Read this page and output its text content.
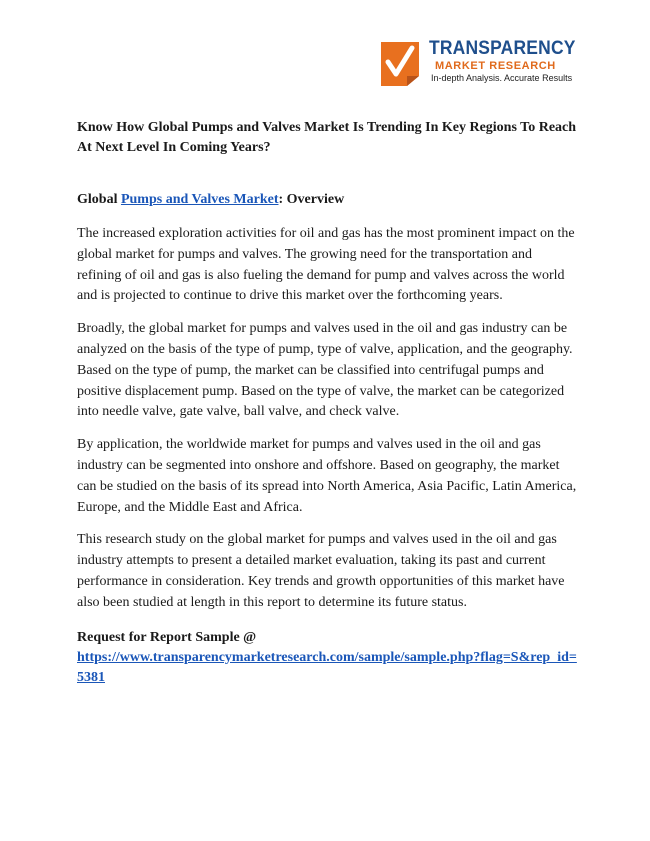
TRANSPARENCY
MARKET RESEARCH
In-depth Analysis. Accurate Results

Know How Global Pumps and Valves Market Is Trending In Key Regions To Reach At Next Level In Coming Years?

Global Pumps and Valves Market: Overview

The increased exploration activities for oil and gas has the most prominent impact on the global market for pumps and valves. The growing need for the transportation and refining of oil and gas is also fueling the demand for pump and valves across the world and is projected to continue to drive this market over the forthcoming years.

Broadly, the global market for pumps and valves used in the oil and gas industry can be analyzed on the basis of the type of pump, type of valve, application, and the geography. Based on the type of pump, the market can be classified into centrifugal pumps and positive displacement pump. Based on the type of valve, the market can be categorized into needle valve, gate valve, ball valve, and check valve.

By application, the worldwide market for pumps and valves used in the oil and gas industry can be segmented into onshore and offshore. Based on geography, the market can be studied on the basis of its spread into North America, Asia Pacific, Latin America, Europe, and the Middle East and Africa.

This research study on the global market for pumps and valves used in the oil and gas industry attempts to present a detailed market evaluation, taking its past and current performance in consideration. Key trends and growth opportunities of this market have also been studied at length in this report to determine its future status.

Request for Report Sample @

https://www.transparencymarketresearch.com/sample/sample.php?flag=S&rep_id=5381
